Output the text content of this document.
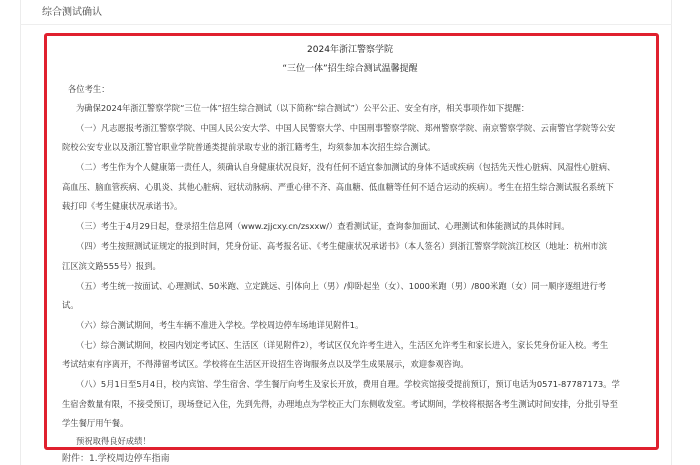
综合测试确认
2024年浙江警察学院
“三位一体”招生综合测试温馨提醒
各位考生：
为确保2024年浙江警察学院“三位一体”招生综合测试（以下简称“综合测试”）公平公正、安全有序，相关事项作如下提醒：
（一）凡志愿报考浙江警察学院、中国人民公安大学、中国人民警察大学、中国刑事警察学院、郑州警察学院、南京警察学院、云南警官学院等公安
院校公安专业以及浙江警官职业学院普通类提前录取专业的浙江籍考生，均须参加本次招生综合测试。
（二）考生作为个人健康第一责任人，须确认自身健康状况良好，没有任何不适宜参加测试的身体不适或疾病（包括先天性心脏病、风湿性心脏病、
高血压、脑血管疾病、心肌炎、其他心脏病、冠状动脉病、严重心律不齐、高血糖、低血糖等任何不适合运动的疾病）。考生在招生综合测试报名系统下
载打印《考生健康状况承诺书》。
（三）考生于4月29日起，登录招生信息网（www.zjjcxy.cn/zsxxw/）查看测试证，查询参加面试、心理测试和体能测试的具体时间。
（四）考生按照测试证规定的报到时间，凭身份证、高考报名证、《考生健康状况承诺书》（本人签名）到浙江警察学院滨江校区（地址：杭州市滨
江区滨文路555号）报到。
（五）考生统一按面试、心理测试、50米跑、立定跳远、引体向上（男）/仰卧起坐（女）、1000米跑（男）/800米跑（女）同一顺序逐组进行考
试。
（六）综合测试期间，考生车辆不准进入学校。学校周边停车场地详见附件1。
（七）综合测试期间，校园内划定考试区、生活区（详见附件2），考试区仅允许考生进入，生活区允许考生和家长进入，家长凭身份证入校。考生
考试结束有序离开，不得滞留考试区。学校将在生活区开设招生咨询服务点以及学生成果展示，欢迎参观咨询。
（八）5月1日至5月4日，校内宾馆、学生宿舍、学生餐厅向考生及家长开放，费用自理。学校宾馆接受提前预订，预订电话为0571-87787173。学
生宿舍数量有限，不接受预订，现场登记入住，先到先得，办理地点为学校正大门东侧收发室。考试期间，学校将根据各考生测试时间安排，分批引导至
学生餐厅用午餐。
预祝取得良好成绩！
附件：1.学校周边停车指南
